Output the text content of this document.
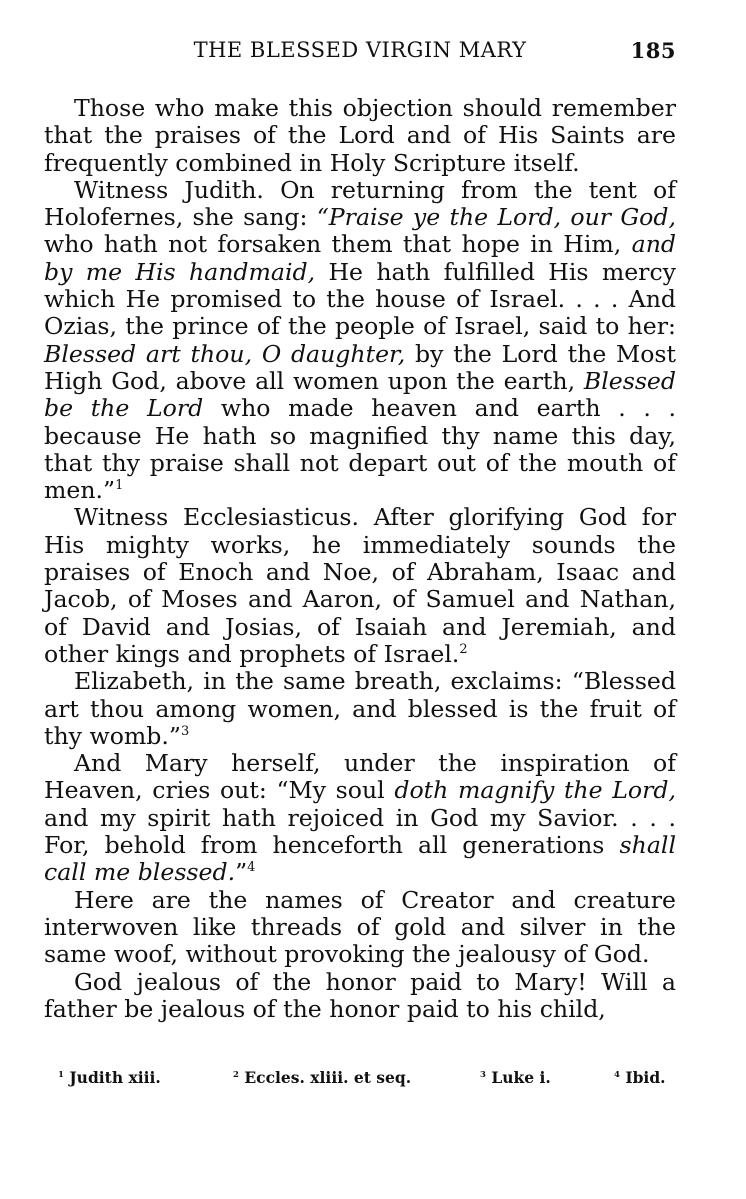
THE BLESSED VIRGIN MARY	185

Those who make this objection should remember that the praises of the Lord and of His Saints are frequently combined in Holy Scripture itself.

Witness Judith. On returning from the tent of Holofernes, she sang: “Praise ye the Lord, our God, who hath not forsaken them that hope in Him, and by me His handmaid, He hath fulfilled His mercy which He promised to the house of Israel. . . . And Ozias, the prince of the people of Israel, said to her: Blessed art thou, O daughter, by the Lord the Most High God, above all women upon the earth, Blessed be the Lord who made heaven and earth . . . because He hath so magnified thy name this day, that thy praise shall not depart out of the mouth of men.”$^1$

Witness Ecclesiasticus. After glorifying God for His mighty works, he immediately sounds the praises of Enoch and Noe, of Abraham, Isaac and Jacob, of Moses and Aaron, of Samuel and Nathan, of David and Josias, of Isaiah and Jeremiah, and other kings and prophets of Israel.$^2$

Elizabeth, in the same breath, exclaims: “Blessed art thou among women, and blessed is the fruit of thy womb.”$^3$

And Mary herself, under the inspiration of Heaven, cries out: “My soul doth magnify the Lord, and my spirit hath rejoiced in God my Savior. . . . For, behold from henceforth all generations shall call me blessed.”$^4$

Here are the names of Creator and creature interwoven like threads of gold and silver in the same woof, without provoking the jealousy of God.

God jealous of the honor paid to Mary! Will a father be jealous of the honor paid to his child,

$^1$ Judith xiii.	$^2$ Eccles. xliii. et seq.	$^3$ Luke i.	$^4$ Ibid.
